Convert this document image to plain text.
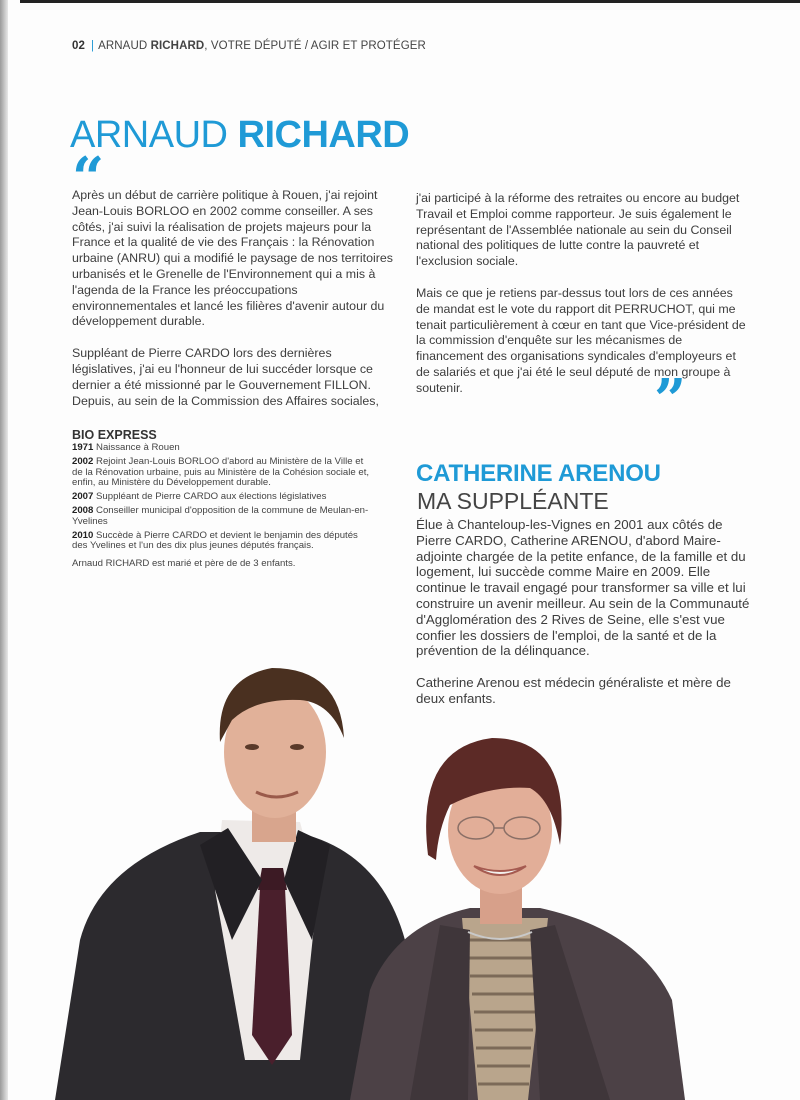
02 | ARNAUD RICHARD, VOTRE DÉPUTÉ / AGIR ET PROTÉGER
ARNAUD RICHARD
“

Après un début de carrière politique à Rouen, j'ai rejoint Jean-Louis BORLOO en 2002 comme conseiller. A ses côtés, j'ai suivi la réalisation de projets majeurs pour la France et la qualité de vie des Français : la Rénovation urbaine (ANRU) qui a modifié le paysage de nos territoires urbanisés et le Grenelle de l'Environnement qui a mis à l'agenda de la France les préoccupations environnementales et lancé les filières d'avenir autour du développement durable.

Suppléant de Pierre CARDO lors des dernières législatives, j'ai eu l'honneur de lui succéder lorsque ce dernier a été missionné par le Gouvernement FILLON. Depuis, au sein de la Commission des Affaires sociales,

j'ai participé à la réforme des retraites ou encore au budget Travail et Emploi comme rapporteur. Je suis également le représentant de l'Assemblée nationale au sein du Conseil national des politiques de lutte contre la pauvreté et l'exclusion sociale.

Mais ce que je retiens par-dessus tout lors de ces années de mandat est le vote du rapport dit PERRUCHOT, qui me tenait particulièrement à cœur en tant que Vice-président de la commission d'enquête sur les mécanismes de financement des organisations syndicales d'employeurs et de salariés et que j'ai été le seul député de mon groupe à soutenir.	”
BIO EXPRESS
1971 Naissance à Rouen
2002 Rejoint Jean-Louis BORLOO d'abord au Ministère de la Ville et de la Rénovation urbaine, puis au Ministère de la Cohésion sociale et, enfin, au Ministère du Développement durable.
2007 Suppléant de Pierre CARDO aux élections législatives
2008 Conseiller municipal d'opposition de la commune de Meulan-en-Yvelines
2010 Succède à Pierre CARDO et devient le benjamin des députés des Yvelines et l'un des dix plus jeunes députés français.
Arnaud RICHARD est marié et père de de 3 enfants.
CATHERINE ARENOU
MA SUPPLÉANTE

Élue à Chanteloup-les-Vignes en 2001 aux côtés de Pierre CARDO, Catherine ARENOU, d'abord Maire-adjointe chargée de la petite enfance, de la famille et du logement, lui succède comme Maire en 2009. Elle continue le travail engagé pour transformer sa ville et lui construire un avenir meilleur. Au sein de la Communauté d'Agglomération des 2 Rives de Seine, elle s'est vue confier les dossiers de l'emploi, de la santé et de la prévention de la délinquance.

Catherine Arenou est médecin généraliste et mère de deux enfants.
